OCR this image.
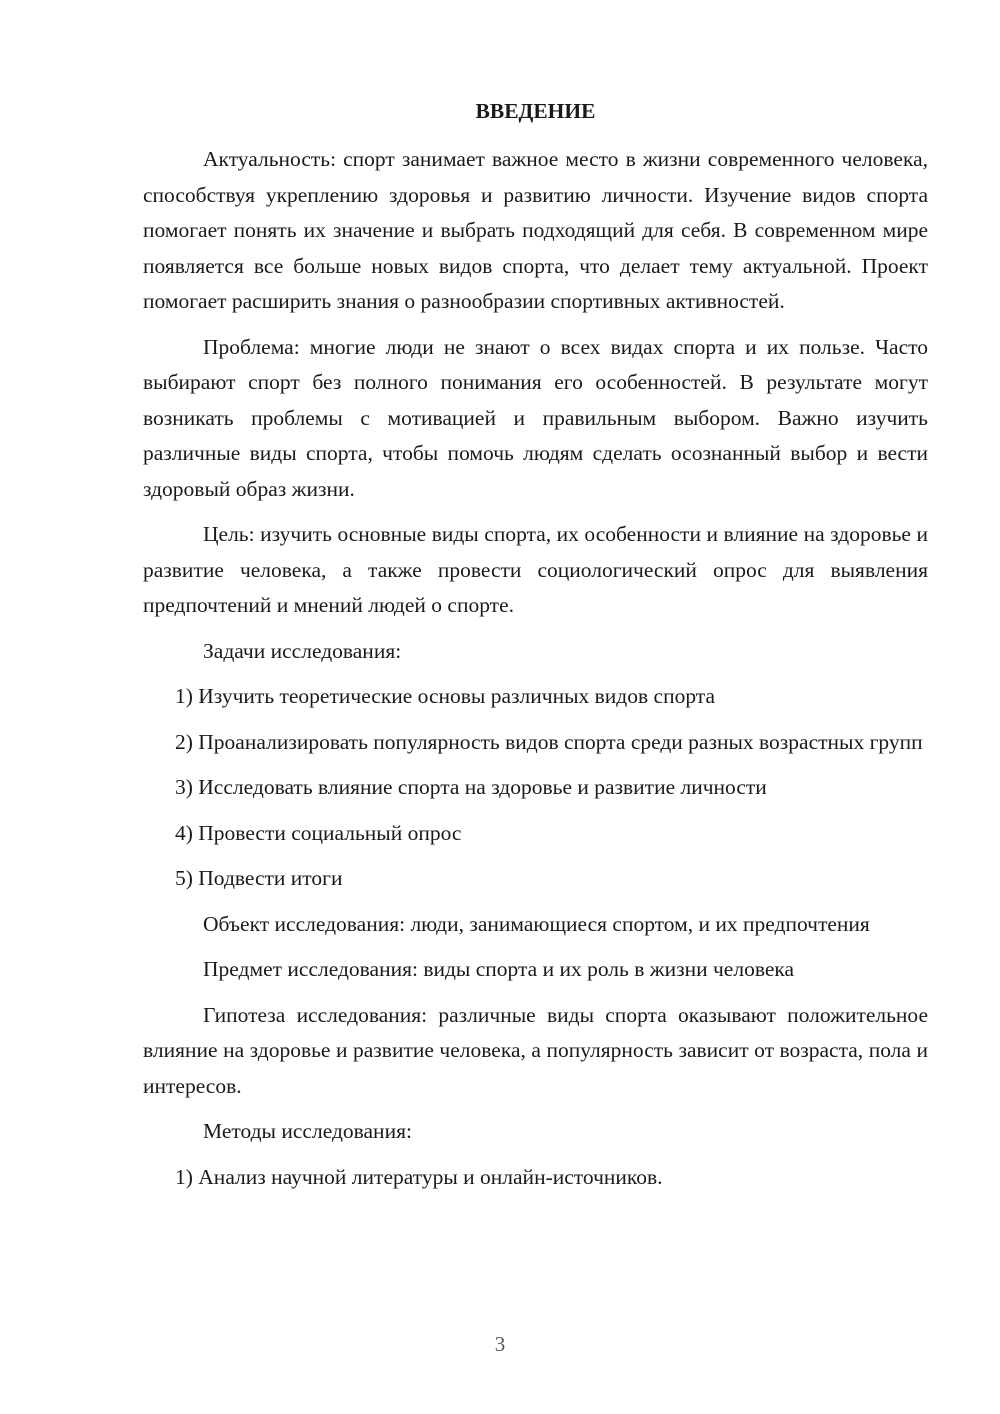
ВВЕДЕНИЕ
Актуальность: спорт занимает важное место в жизни современного человека, способствуя укреплению здоровья и развитию личности. Изучение видов спорта помогает понять их значение и выбрать подходящий для себя. В современном мире появляется все больше новых видов спорта, что делает тему актуальной. Проект помогает расширить знания о разнообразии спортивных активностей.
Проблема: многие люди не знают о всех видах спорта и их пользе. Часто выбирают спорт без полного понимания его особенностей. В результате могут возникать проблемы с мотивацией и правильным выбором. Важно изучить различные виды спорта, чтобы помочь людям сделать осознанный выбор и вести здоровый образ жизни.
Цель: изучить основные виды спорта, их особенности и влияние на здоровье и развитие человека, а также провести социологический опрос для выявления предпочтений и мнений людей о спорте.
Задачи исследования:
1) Изучить теоретические основы различных видов спорта
2) Проанализировать популярность видов спорта среди разных возрастных групп
3) Исследовать влияние спорта на здоровье и развитие личности
4) Провести социальный опрос
5) Подвести итоги
Объект исследования: люди, занимающиеся спортом, и их предпочтения
Предмет исследования: виды спорта и их роль в жизни человека
Гипотеза исследования: различные виды спорта оказывают положительное влияние на здоровье и развитие человека, а популярность зависит от возраста, пола и интересов.
Методы исследования:
1) Анализ научной литературы и онлайн-источников.
3
